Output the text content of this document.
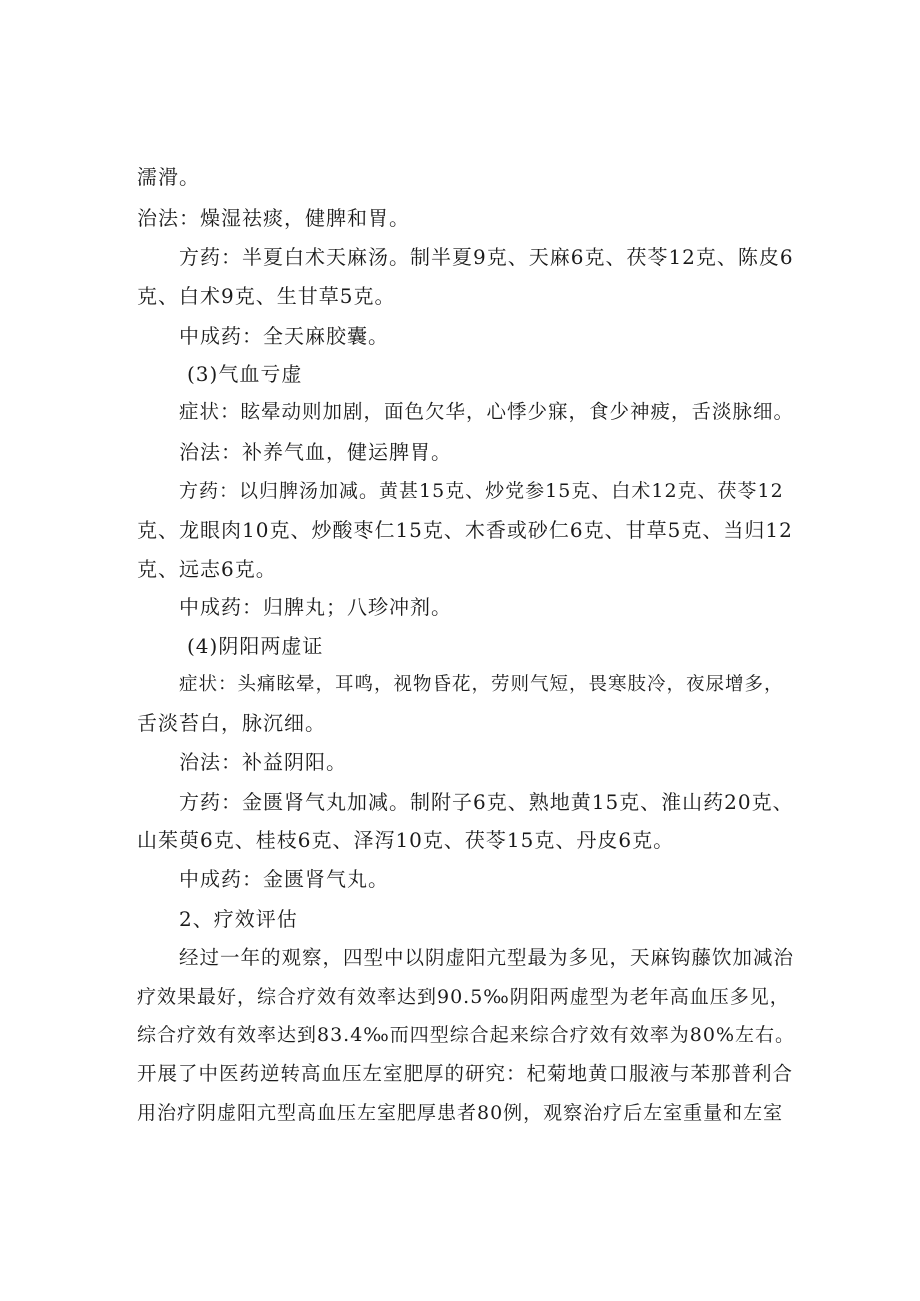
濡滑。
治法：燥湿祛痰，健脾和胃。
方药：半夏白术天麻汤。制半夏9克、天麻6克、茯苓12克、陈皮6
克、白术9克、生甘草5克。
中成药：全天麻胶囊。
(3)气血亏虚
症状：眩晕动则加剧，面色欠华，心悸少寐，食少神疲，舌淡脉细。
治法：补养气血，健运脾胃。
方药：以归脾汤加减。黄甚15克、炒党参15克、白术12克、茯苓12
克、龙眼肉10克、炒酸枣仁15克、木香或砂仁6克、甘草5克、当归12
克、远志6克。
中成药：归脾丸；八珍冲剂。
(4)阴阳两虚证
症状：头痛眩晕，耳鸣，视物昏花，劳则气短，畏寒肢冷，夜尿增多，
舌淡苔白，脉沉细。
治法：补益阴阳。
方药：金匮肾气丸加减。制附子6克、熟地黄15克、淮山药20克、
山茱萸6克、桂枝6克、泽泻10克、茯苓15克、丹皮6克。
中成药：金匮肾气丸。
2、疗效评估
经过一年的观察，四型中以阴虚阳亢型最为多见，天麻钩藤饮加减治
疗效果最好，综合疗效有效率达到90.5‰阴阳两虚型为老年高血压多见，
综合疗效有效率达到83.4‰而四型综合起来综合疗效有效率为80%左右。
开展了中医药逆转高血压左室肥厚的研究：杞菊地黄口服液与苯那普利合
用治疗阴虚阳亢型高血压左室肥厚患者80例，观察治疗后左室重量和左室
